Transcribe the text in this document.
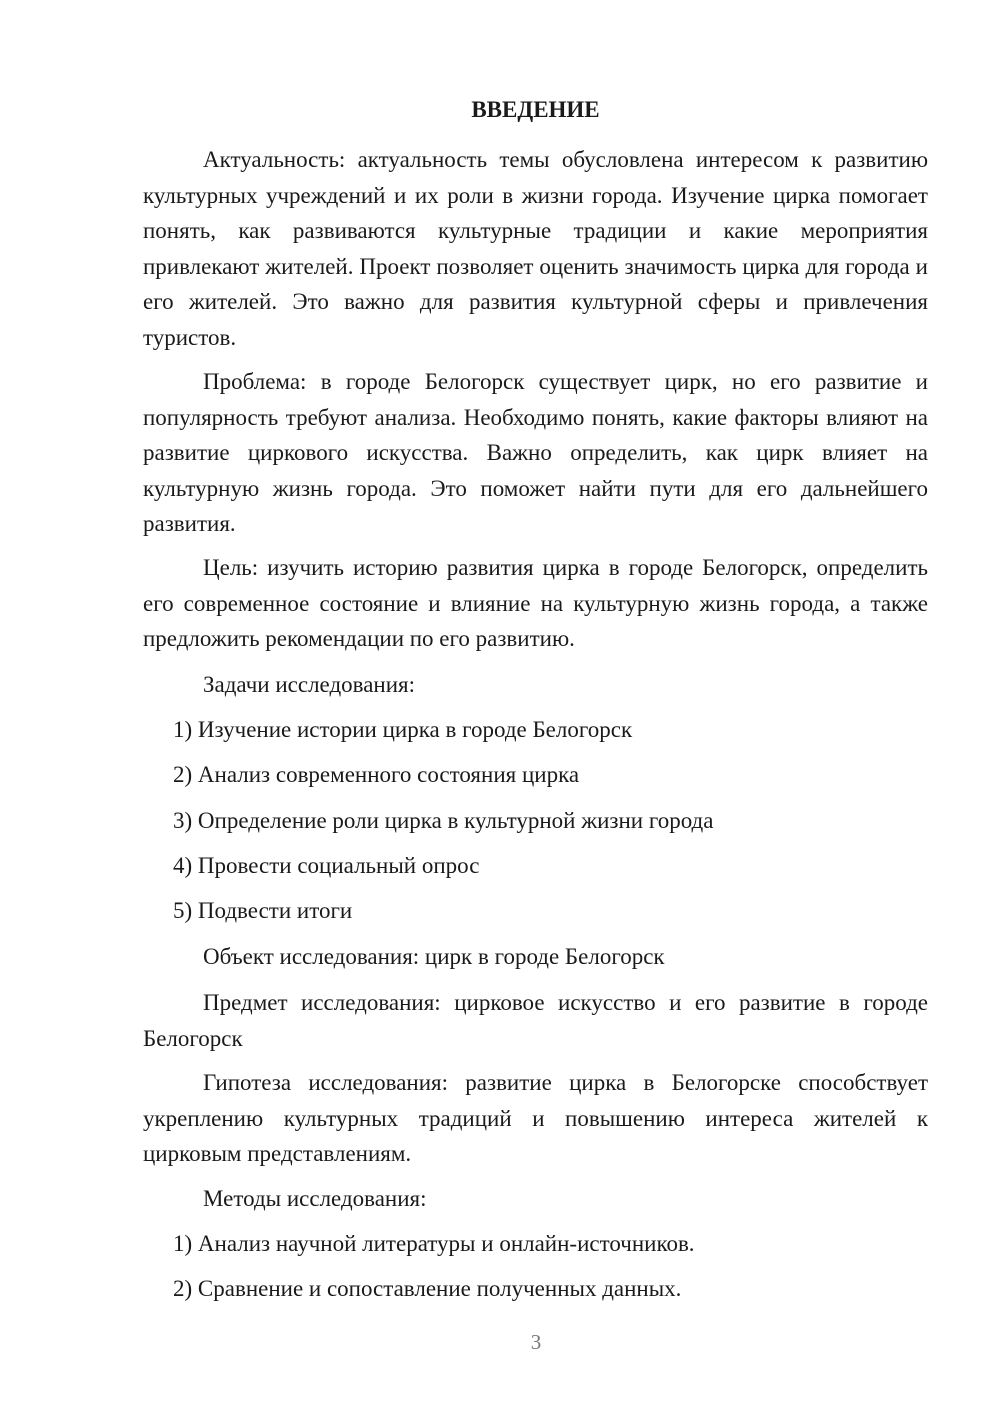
ВВЕДЕНИЕ

Актуальность: актуальность темы обусловлена интересом к развитию культурных учреждений и их роли в жизни города. Изучение цирка помогает понять, как развиваются культурные традиции и какие мероприятия привлекают жителей. Проект позволяет оценить значимость цирка для города и его жителей. Это важно для развития культурной сферы и привлечения туристов.

Проблема: в городе Белогорск существует цирк, но его развитие и популярность требуют анализа. Необходимо понять, какие факторы влияют на развитие циркового искусства. Важно определить, как цирк влияет на культурную жизнь города. Это поможет найти пути для его дальнейшего развития.

Цель: изучить историю развития цирка в городе Белогорск, определить его современное состояние и влияние на культурную жизнь города, а также предложить рекомендации по его развитию.

Задачи исследования:

1) Изучение истории цирка в городе Белогорск

2) Анализ современного состояния цирка

3) Определение роли цирка в культурной жизни города

4) Провести социальный опрос

5) Подвести итоги

Объект исследования: цирк в городе Белогорск

Предмет исследования: цирковое искусство и его развитие в городе Белогорск

Гипотеза исследования: развитие цирка в Белогорске способствует укреплению культурных традиций и повышению интереса жителей к цирковым представлениям.

Методы исследования:

1) Анализ научной литературы и онлайн-источников.

2) Сравнение и сопоставление полученных данных.

3
